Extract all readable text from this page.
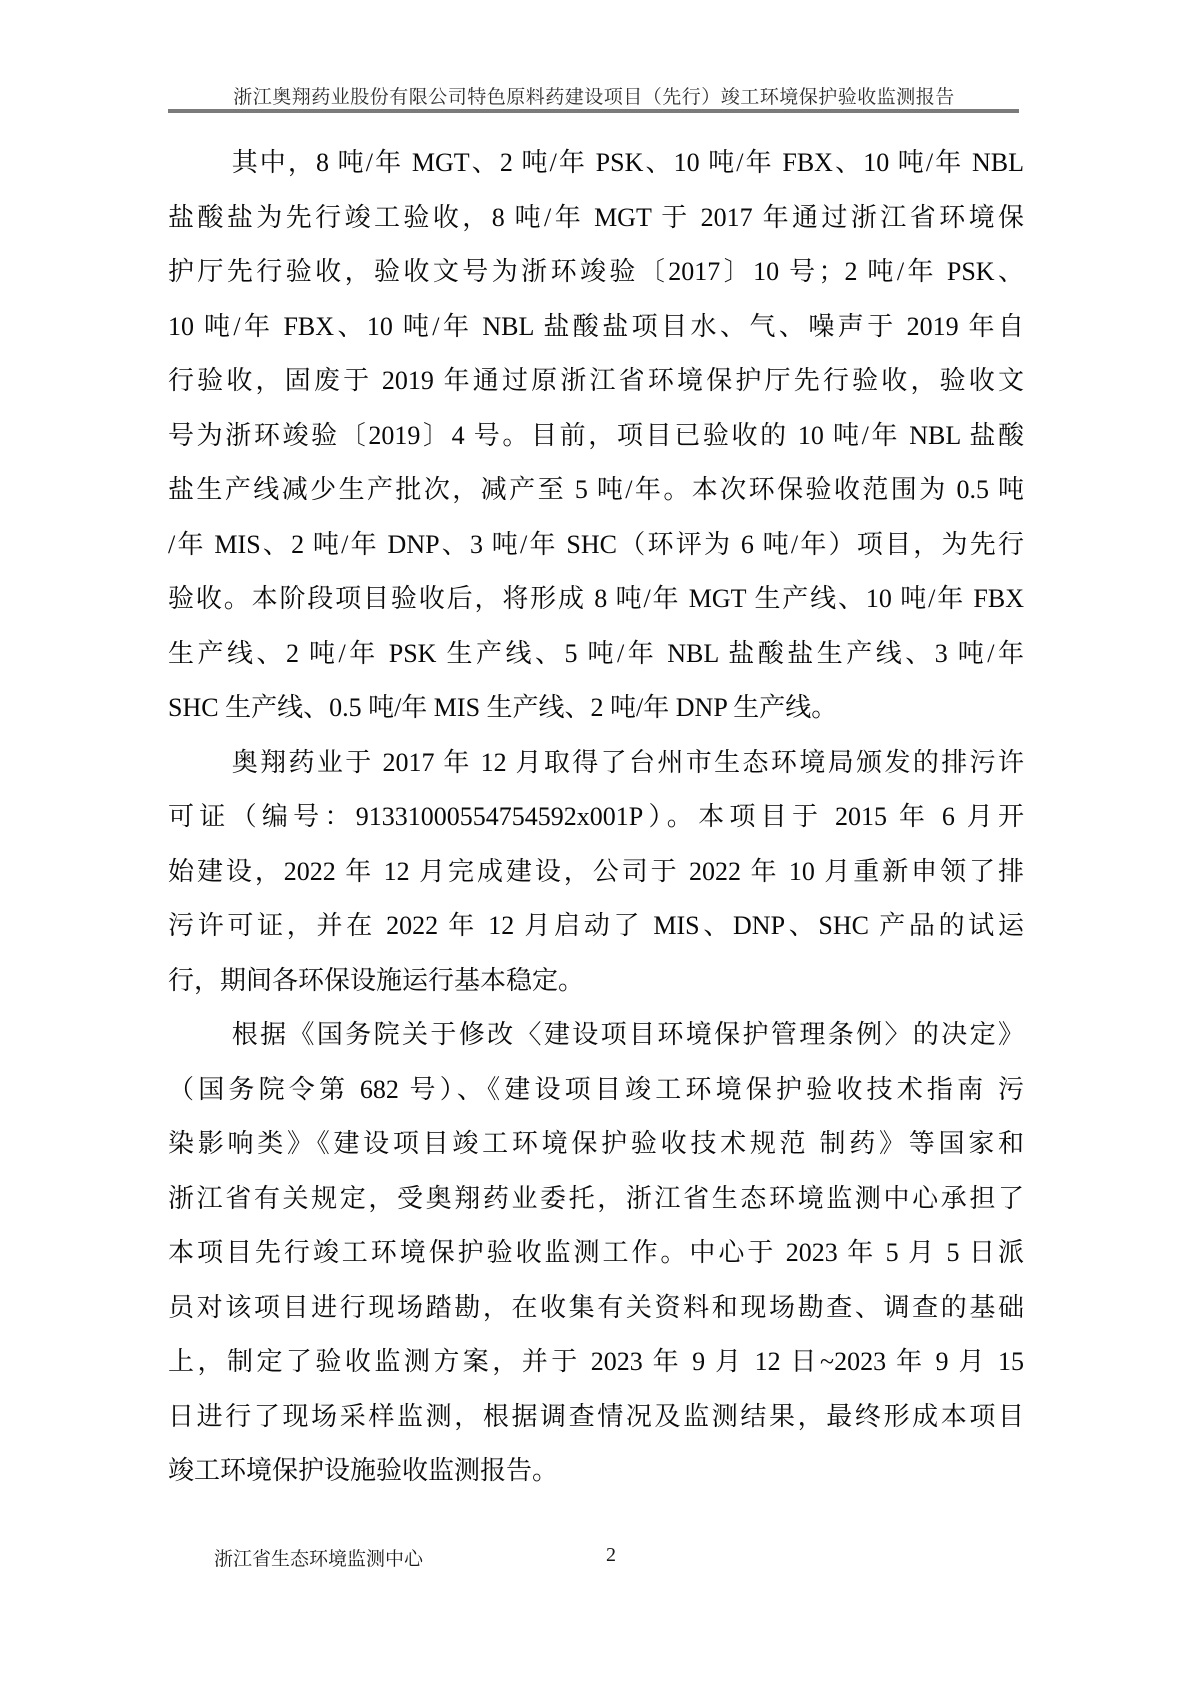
浙江奥翔药业股份有限公司特色原料药建设项目（先行）竣工环境保护验收监测报告
其中，8 吨/年 MGT、2 吨/年 PSK、10 吨/年 FBX、10 吨/年 NBL
盐酸盐为先行竣工验收，8 吨/年 MGT 于 2017 年通过浙江省环境保
护厅先行验收，验收文号为浙环竣验〔2017〕10 号；2 吨/年 PSK、
10 吨/年 FBX、10 吨/年 NBL 盐酸盐项目水、气、噪声于 2019 年自
行验收，固废于 2019 年通过原浙江省环境保护厅先行验收，验收文
号为浙环竣验〔2019〕4 号。目前，项目已验收的 10 吨/年 NBL 盐酸
盐生产线减少生产批次，减产至 5 吨/年。本次环保验收范围为 0.5 吨
/年 MIS、2 吨/年 DNP、3 吨/年 SHC（环评为 6 吨/年）项目，为先行
验收。本阶段项目验收后，将形成 8 吨/年 MGT 生产线、10 吨/年 FBX
生产线、2 吨/年 PSK 生产线、5 吨/年 NBL 盐酸盐生产线、3 吨/年
SHC 生产线、0.5 吨/年 MIS 生产线、2 吨/年 DNP 生产线。
奥翔药业于 2017 年 12 月取得了台州市生态环境局颁发的排污许
可证（编号：91331000554754592x001P）。本项目于 2015 年 6 月开
始建设，2022 年 12 月完成建设，公司于 2022 年 10 月重新申领了排
污许可证，并在 2022 年 12 月启动了 MIS、DNP、SHC 产品的试运
行，期间各环保设施运行基本稳定。
根据《国务院关于修改〈建设项目环境保护管理条例〉的决定》
（国务院令第 682 号）、《建设项目竣工环境保护验收技术指南 污
染影响类》《建设项目竣工环境保护验收技术规范 制药》等国家和
浙江省有关规定，受奥翔药业委托，浙江省生态环境监测中心承担了
本项目先行竣工环境保护验收监测工作。中心于 2023 年 5 月 5 日派
员对该项目进行现场踏勘，在收集有关资料和现场勘查、调查的基础
上，制定了验收监测方案，并于 2023 年 9 月 12 日~2023 年 9 月 15
日进行了现场采样监测，根据调查情况及监测结果，最终形成本项目
竣工环境保护设施验收监测报告。
浙江省生态环境监测中心	2
